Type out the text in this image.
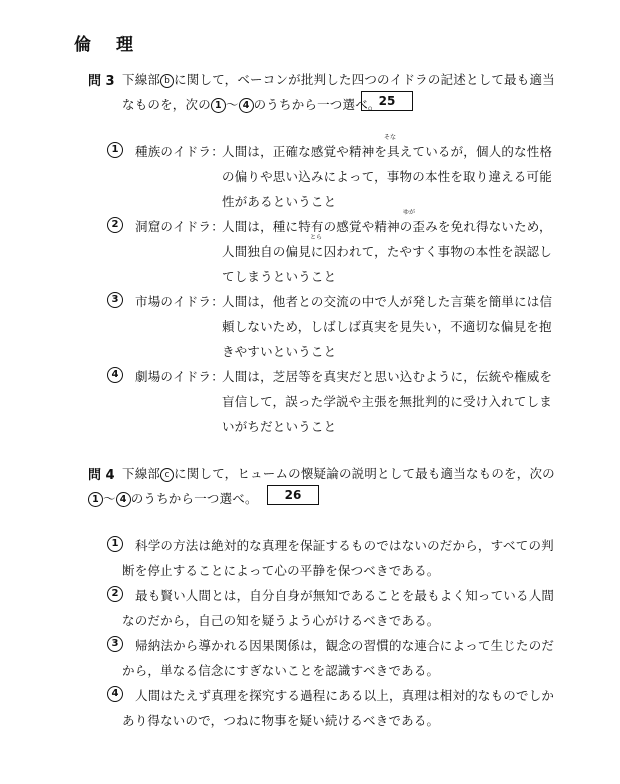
倫　理
問 3 下線部 b に関して，ベーコンが批判した四つのイドラの記述として最も適当
なものを，次の 1 ～ 4 のうちから一つ選べ。
25
1	種族のイドラ：
そな
人間は，正確な感覚や精神を具えているが，個人的な性格
の偏りや思い込みによって，事物の本性を取り違える可能
性があるということ
2	洞窟のイドラ：
ゆが
人間は，種に特有の感覚や精神の歪みを免れ得ないため，
とら
人間独自の偏見に囚われて，たやすく事物の本性を誤認し
てしまうということ
3	市場のイドラ：
人間は，他者との交流の中で人が発した言葉を簡単には信
頼しないため，しばしば真実を見失い，不適切な偏見を抱
きやすいということ
4	劇場のイドラ：
人間は，芝居等を真実だと思い込むように，伝統や権威を
盲信して，誤った学説や主張を無批判的に受け入れてしま
いがちだということ
問 4 下線部 c に関して，ヒュームの懐疑論の説明として最も適当なものを，次の
1 ～ 4 のうちから一つ選べ。	26
1	科学の方法は絶対的な真理を保証するものではないのだから，すべての判
断を停止することによって心の平静を保つべきである。
2	最も賢い人間とは，自分自身が無知であることを最もよく知っている人間
なのだから，自己の知を疑うよう心がけるべきである。
3	帰納法から導かれる因果関係は，観念の習慣的な連合によって生じたのだ
から，単なる信念にすぎないことを認識すべきである。
4	人間はたえず真理を探究する過程にある以上，真理は相対的なものでしか
あり得ないので，つねに物事を疑い続けるべきである。
